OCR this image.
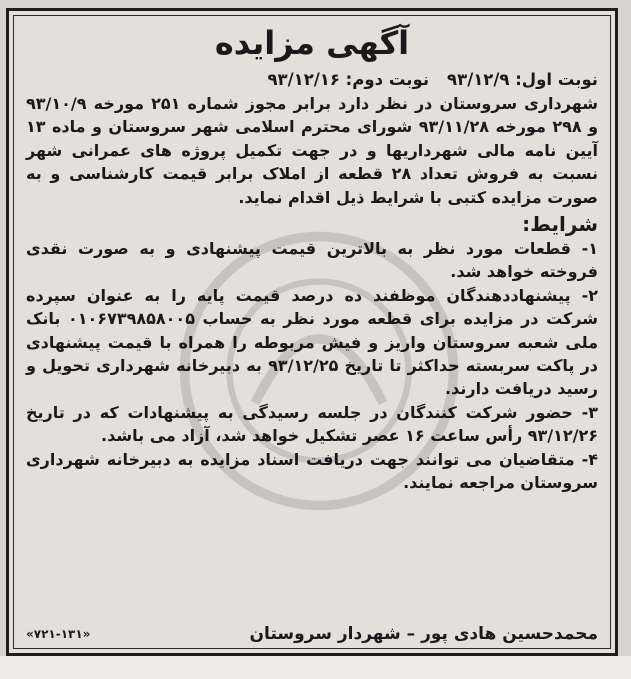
آگهی مزایده

نوبت اول: ۹۳/۱۲/۹
نوبت دوم: ۹۳/۱۲/۱۶

شهرداری سروستان در نظر دارد برابر مجوز شماره ۲۵۱ مورخه ۹۳/۱۰/۹ و ۲۹۸ مورخه ۹۳/۱۱/۲۸ شورای محترم اسلامی شهر سروستان و ماده ۱۳ آیین نامه مالی شهرداریها و در جهت تکمیل پروژه های عمرانی شهر نسبت به فروش تعداد ۲۸ قطعه از املاک برابر قیمت کارشناسی و به صورت مزایده کتبی با شرایط ذیل اقدام نماید.

شرایط:

۱- قطعات مورد نظر به بالاترین قیمت پیشنهادی و به صورت نقدی فروخته خواهد شد.

۲- پیشنهاددهندگان موظفند ده درصد قیمت پایه را به عنوان سپرده شرکت در مزایده برای قطعه مورد نظر به حساب ۰۱۰۶۷۳۹۸۵۸۰۰۵ بانک ملی شعبه سروستان واریز و فیش مربوطه را همراه با قیمت پیشنهادی در پاکت سربسته حداکثر تا تاریخ ۹۳/۱۲/۲۵ به دبیرخانه شهرداری تحویل و رسید دریافت دارند.

۳- حضور شرکت کنندگان در جلسه رسیدگی به پیشنهادات که در تاریخ ۹۳/۱۲/۲۶ رأس ساعت ۱۶ عصر تشکیل خواهد شد، آزاد می باشد.

۴- متقاضیان می توانند جهت دریافت اسناد مزایده به دبیرخانه شهرداری سروستان مراجعه نمایند.

محمدحسین هادی پور – شهردار سروستان
«۷۲۱-۱۳۱»
